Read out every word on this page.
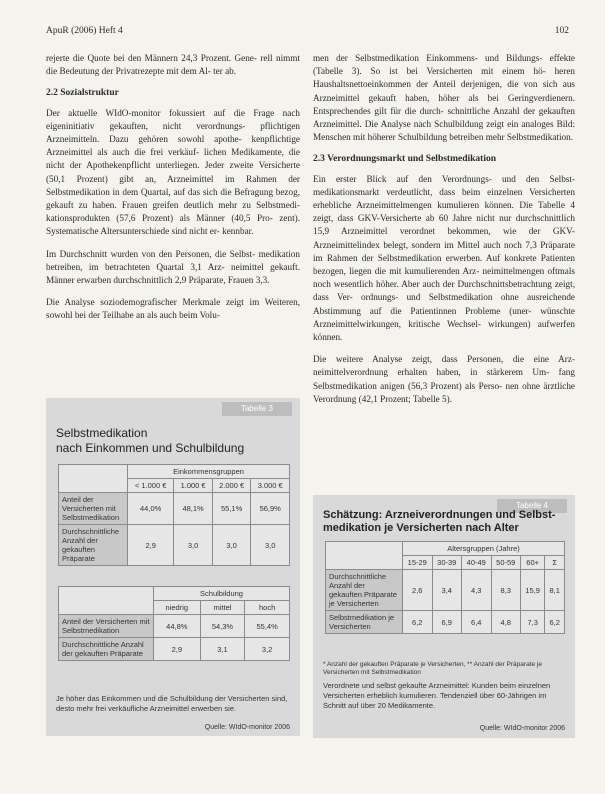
ApuR (2006) Heft 4	102

rejerte die Quote bei den Männern 24,3 Prozent. Gene- rell nimmt die Bedeutung der Privatrezepte mit dem Al- ter ab.

2.2 Sozialstruktur

Der aktuelle WIdO-monitor fokussiert auf die Frage nach eigeninitiativ gekauften, nicht verordnungs- pflichtigen Arzneimitteln. Dazu gehören sowohl apothe- kenpflichtige Arzneimittel als auch die frei verkäuf- lichen Medikamente, die nicht der Apothekenpflicht unterliegen. Jeder zweite Versicherte (50,1 Prozent) gibt an, Arzneimittel im Rahmen der Selbstmedikation in dem Quartal, auf das sich die Befragung bezog, gekauft zu haben. Frauen greifen deutlich mehr zu Selbstmedi- kationsprodukten (57,6 Prozent) als Männer (40,5 Pro- zent). Systematische Altersunterschiede sind nicht er- kennbar.

Im Durchschnitt wurden von den Personen, die Selbst- medikation betreiben, im betrachteten Quartal 3,1 Arz- neimittel gekauft. Männer erwarben durchschnittlich 2,9 Präparate, Frauen 3,3.

Die Analyse soziodemografischer Merkmale zeigt im Weiteren, sowohl bei der Teilhabe an als auch beim Volu-

men der Selbstmedikation Einkommens- und Bildungs- effekte (Tabelle 3). So ist bei Versicherten mit einem hö- heren Haushaltsnettoeinkommen der Anteil derjenigen, die von sich aus Arzneimittel gekauft haben, höher als bei Geringverdienern. Entsprechendes gilt für die durch- schnittliche Anzahl der gekauften Arzneimittel. Die Analyse nach Schulbildung zeigt ein analoges Bild: Menschen mit höherer Schulbildung betreiben mehr Selbstmedikation.

2.3 Verordnungsmarkt und Selbstmedikation

Ein erster Blick auf den Verordnungs- und den Selbst- medikationsmarkt verdeutlicht, dass beim einzelnen Versicherten erhebliche Arzneimittelmengen kumulieren können. Die Tabelle 4 zeigt, dass GKV-Versicherte ab 60 Jahre nicht nur durchschnittlich 15,9 Arzneimittel verordnet bekommen, wie der GKV-Arzneimittelindex belegt, sondern im Mittel auch noch 7,3 Präparate im Rahmen der Selbstmedikation erwerben. Auf konkrete Patienten bezogen, liegen die mit kumulierenden Arz- neimittelmengen oftmals noch wesentlich höher. Aber auch der Durchschnittsbetrachtung zeigt, dass Ver- ordnungs- und Selbstmedikation ohne ausreichende Abstimmung auf die Patientinnen Probleme (uner- wünschte Arzneimittelwirkungen, kritische Wechsel- wirkungen) aufwerfen können.

Die weitere Analyse zeigt, dass Personen, die eine Arz- neimittelverordnung erhalten haben, in stärkerem Um- fang Selbstmedikation anigen (56,3 Prozent) als Perso- nen ohne ärztliche Verordnung (42,1 Prozent; Tabelle 5).

Tabelle 3
Selbstmedikation
nach Einkommen und Schulbildung
	Einkommensgruppen			
	< 1.000 €	1.000 €	2.000 €	3.000 €
Anteil der Versicherten mit Selbstmedikation	44,0%	48,1%	55,1%	56,9%
Durchschnittliche Anzahl der gekauften Präparate	2,9	3,0	3,0	3,0
	Schulbildung		
	niedrig	mittel	hoch
Anteil der Versicherten mit Selbstmedikation	44,8%	54,3%	55,4%
Durchschnittliche Anzahl der gekauften Präparate	2,9	3,1	3,2
Je höher das Einkommen und die Schulbildung der Versicherten sind, desto mehr frei verkäufliche Arzneimittel erwerben sie.
Quelle: WIdO-monitor 2006
Tabelle 4
Schätzung: Arzneiverordnungen und Selbst-
medikation je Versicherten nach Alter
	Altersgruppen (Jahre)					
	15-29	30-39	40-49	50-59	60+	Σ
Durchschnittliche Anzahl der gekauften Präparate je Versicherten	2,6	3,4	4,3	8,3	15,9	8,1
Selbstmedikation je Versicherten	6,2	6,9	6,4	4,8	7,3	6,2
* Anzahl der gekauften Präparate je Versicherten, ** Anzahl der Präparate je Versicherten mit Selbstmedikation
Verordnete und selbst gekaufte Arzneimittel: Kunden beim einzelnen Versicherten erheblich kumulieren. Tendenziell über 60-Jährigen im Schnitt auf über 20 Medikamente.
Quelle: WIdO-monitor 2006
